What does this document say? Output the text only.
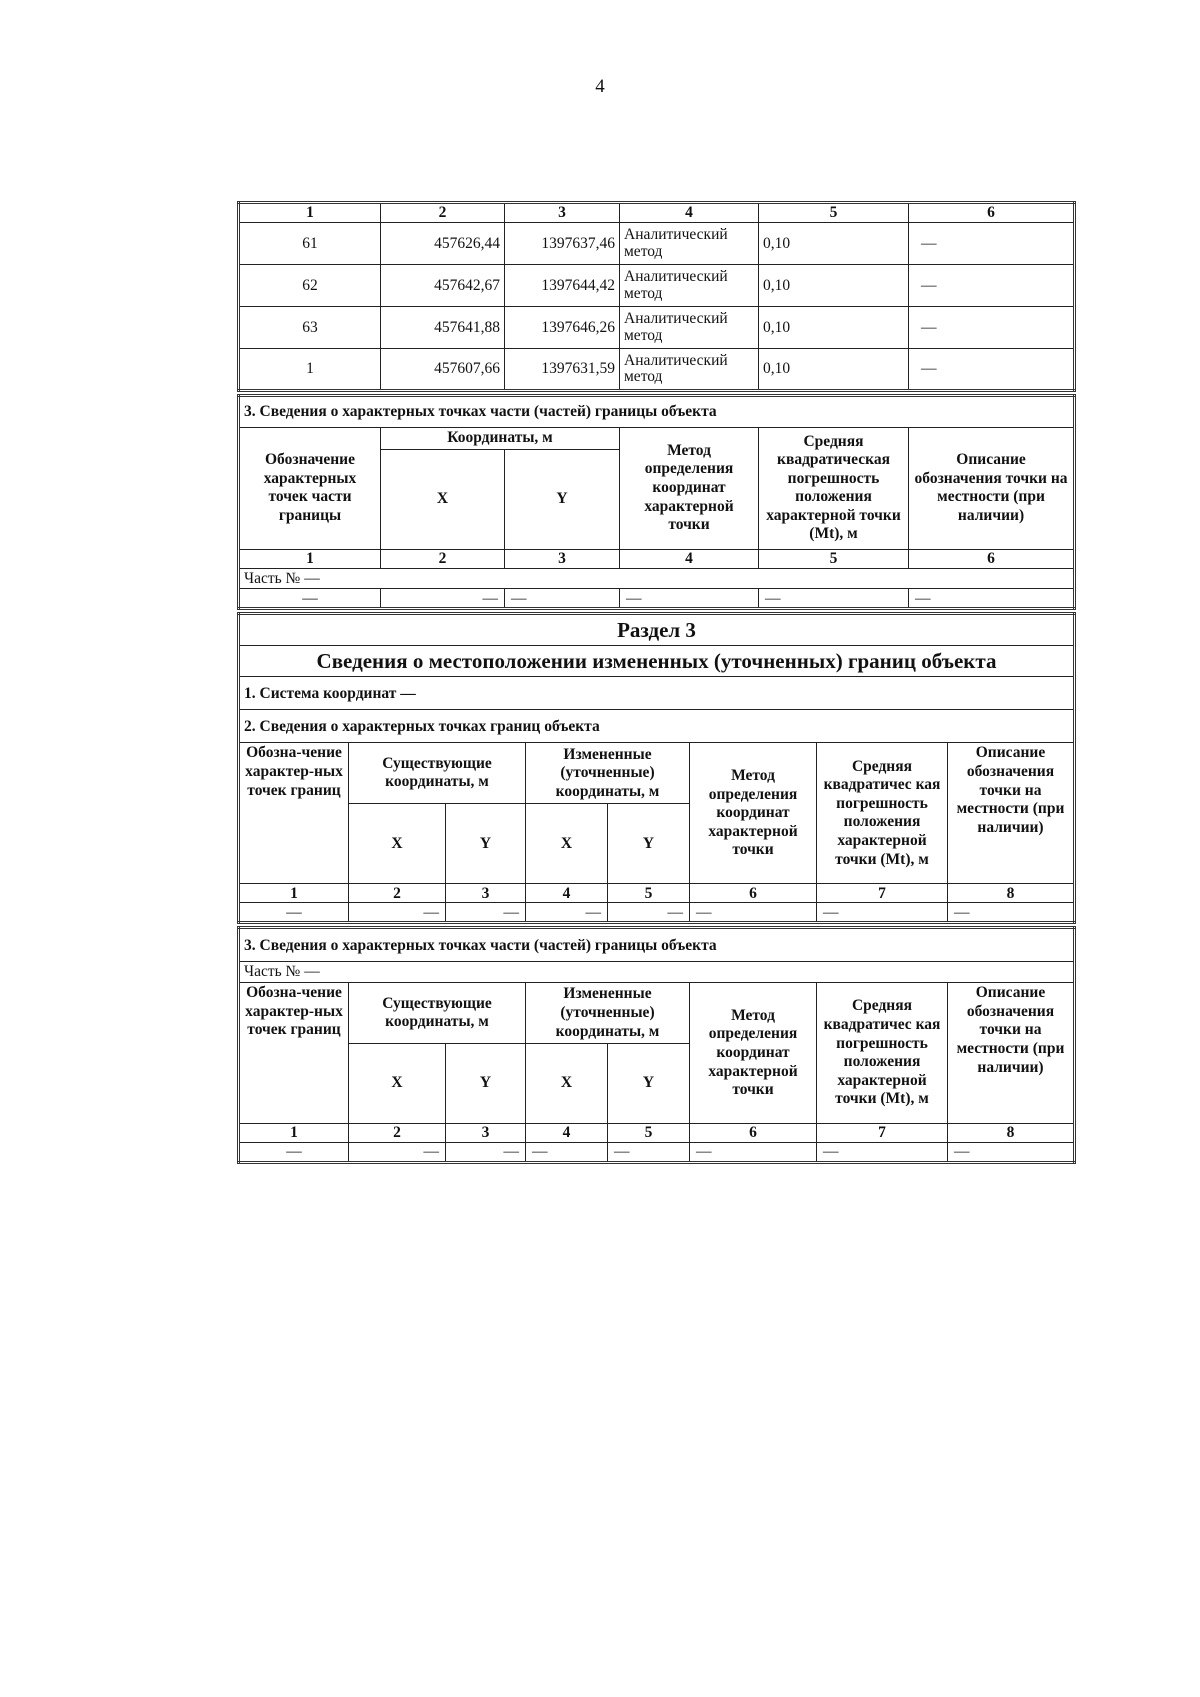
4
1	2	3	4	5	6
61	457626,44	1397637,46	Аналитический метод	0,10	—
62	457642,67	1397644,42	Аналитический метод	0,10	—
63	457641,88	1397646,26	Аналитический метод	0,10	—
1	457607,66	1397631,59	Аналитический метод	0,10	—
3. Сведения о характерных точках части (частей) границы объекта					
Обозначение характерных точек части границы	Координаты, м		Метод определения координат характерной точки	Средняя квадратическая погрешность положения характерной точки (Mt), м	Описание обозначения точки на местности (при наличии)
	X	Y			
1	2	3	4	5	6
Часть № —					
—	—	—	—	—	—
Раздел 3							
Сведения о местоположении измененных (уточненных) границ объекта							
1. Система координат —							
2. Сведения о характерных точках границ объекта							
Обозна-чение характер-ных точек границ	Существующие координаты, м		Измененные (уточненные) координаты, м		Метод определения координат характерной точки	Средняя квадратичес кая погрешность положения характерной точки (Mt), м	Описание обозначения точки на местности (при наличии)
	X	Y	X	Y			
1	2	3	4	5	6	7	8
—	—	—	—	—	—	—	—
3. Сведения о характерных точках части (частей) границы объекта							
Часть № —							
Обозна-чение характер-ных точек границ	Существующие координаты, м		Измененные (уточненные) координаты, м		Метод определения координат характерной точки	Средняя квадратичес кая погрешность положения характерной точки (Mt), м	Описание обозначения точки на местности (при наличии)
	X	Y	X	Y			
1	2	3	4	5	6	7	8
—	—	—	—	—	—	—	—
